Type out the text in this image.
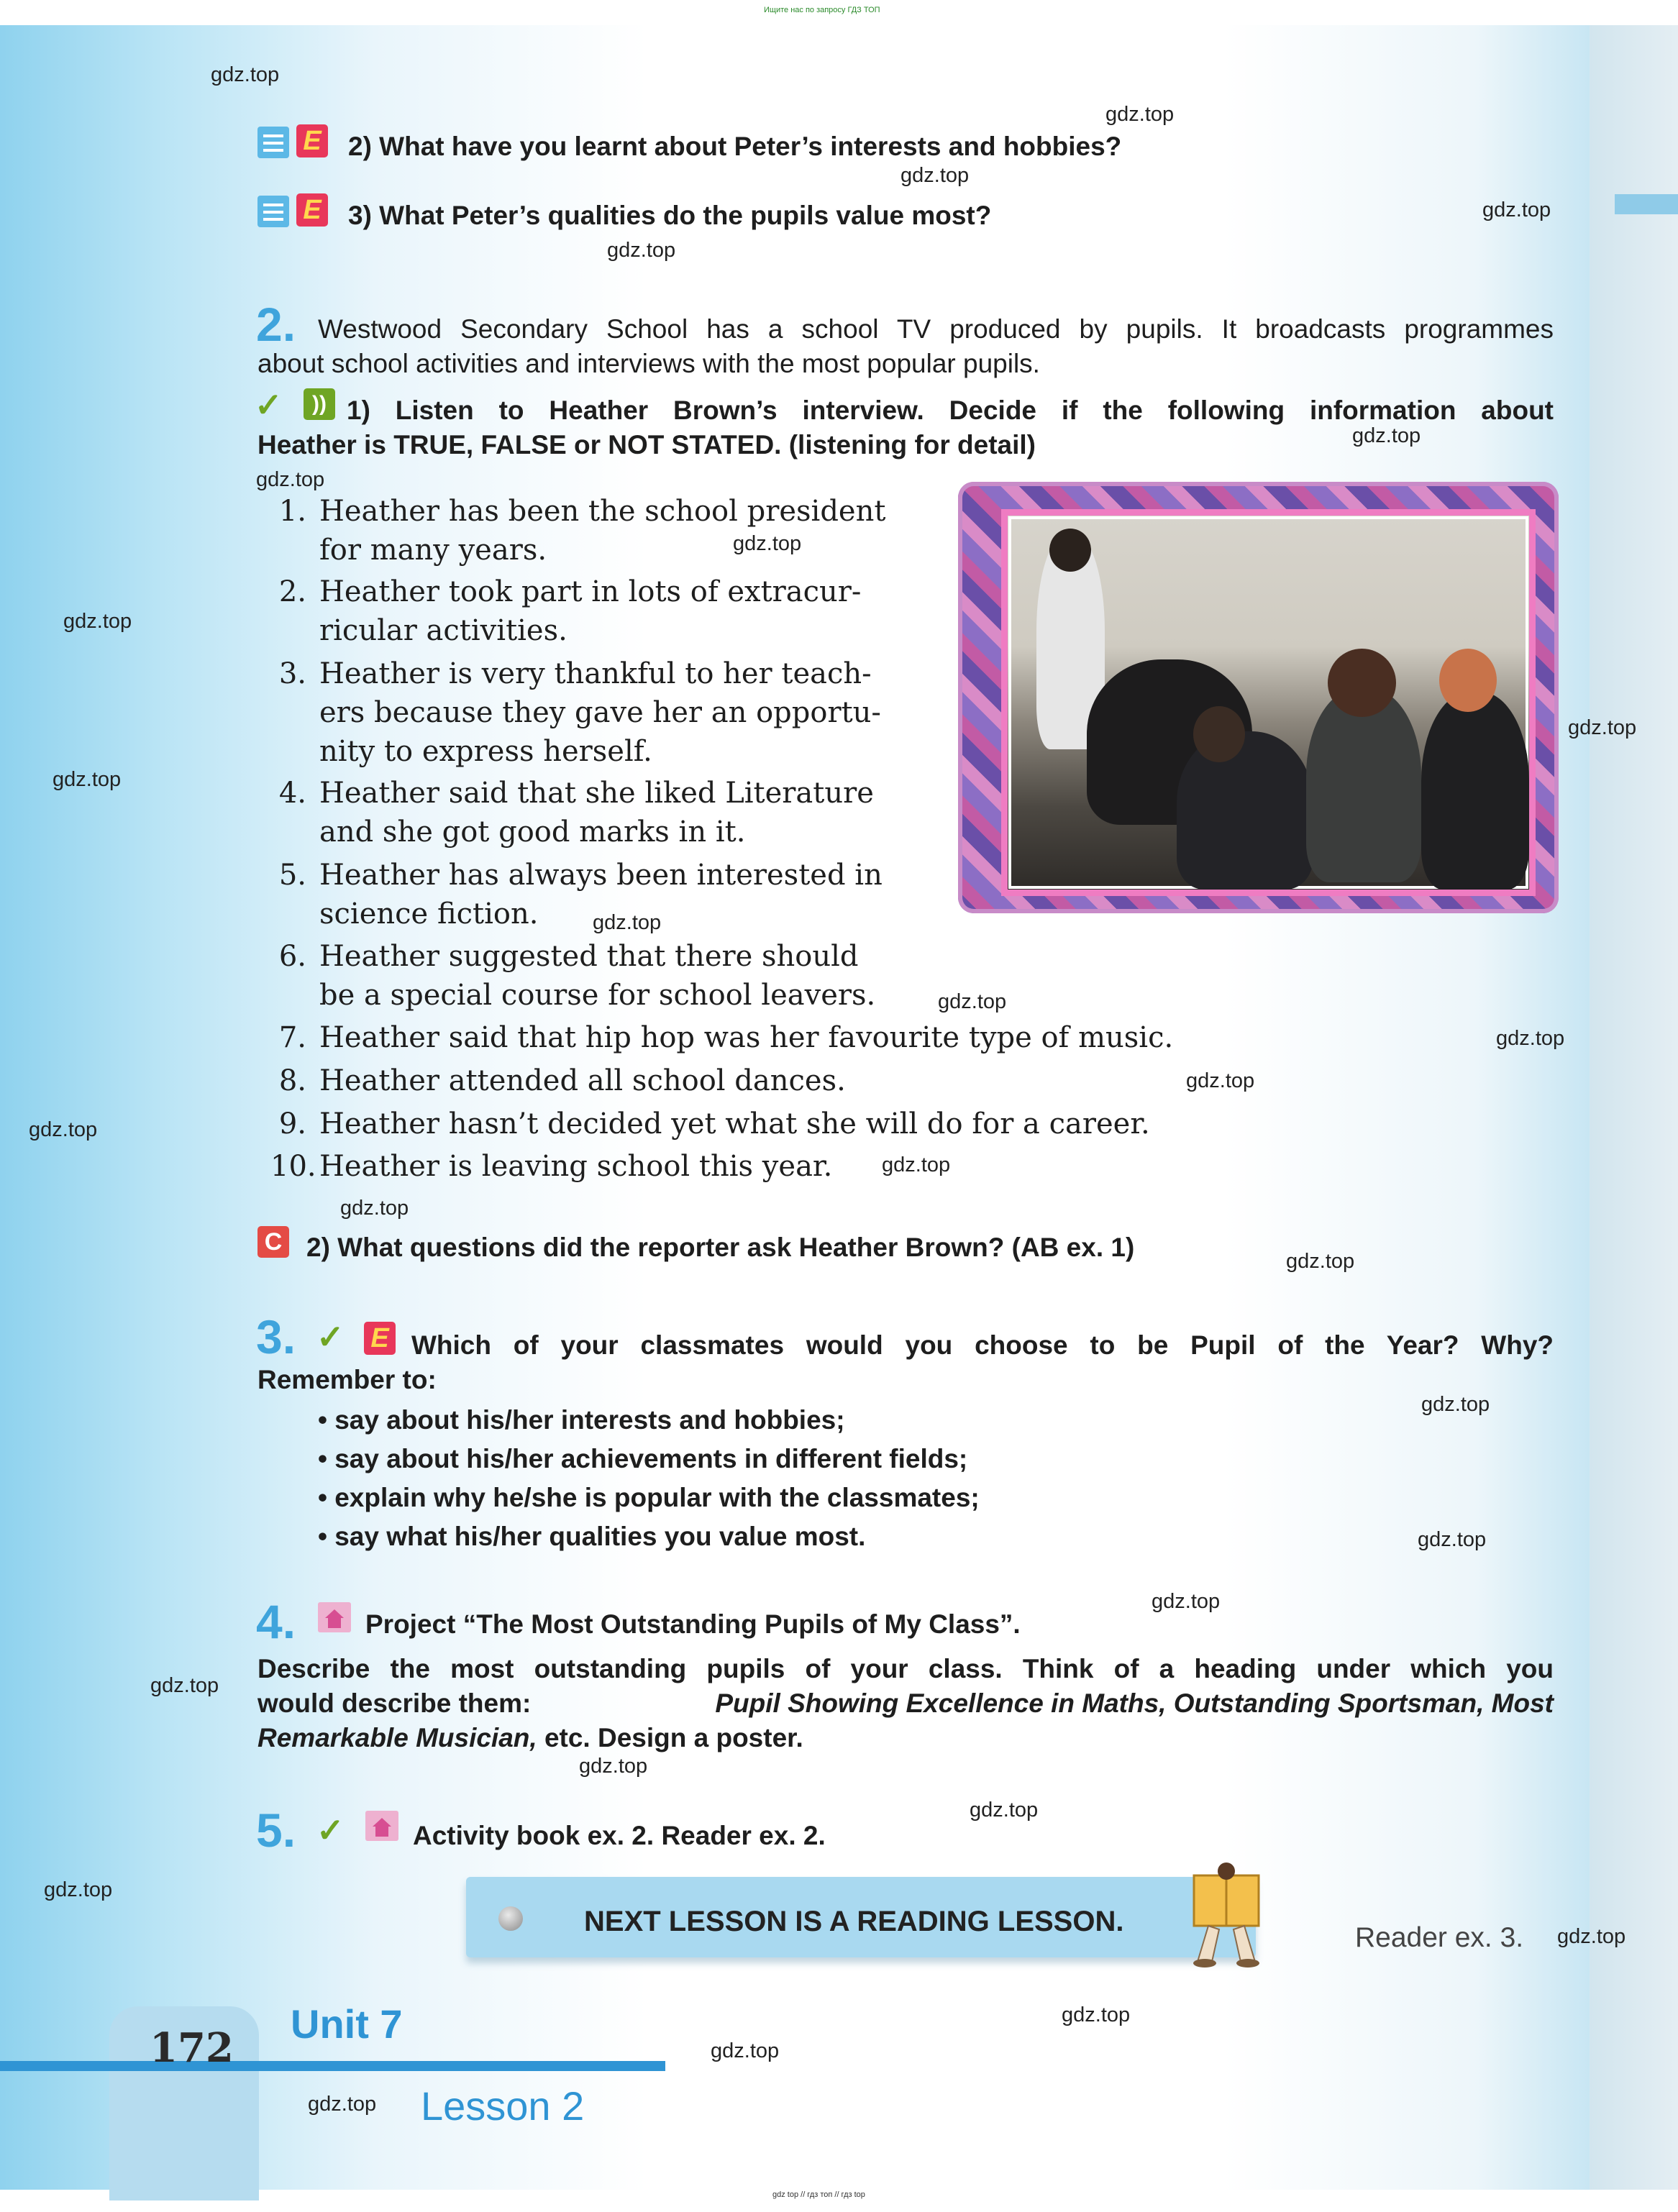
Ищите нас по запросу ГДЗ ТОП
E 2) What have you learnt about Peter’s interests and hobbies?
E 3) What Peter’s qualities do the pupils value most?
2. Westwood Secondary School has a school TV produced by pupils. It broadcasts programmes
about school activities and interviews with the most popular pupils.
✓	)) 1) Listen to Heather Brown’s interview. Decide if the following information about
Heather is TRUE, FALSE or NOT STATED. (listening for detail)
1. Heather has been the school president
for many years.
2. Heather took part in lots of extracur-
ricular activities.
3. Heather is very thankful to her teach-
ers because they gave her an opportu-
nity to express herself.
4. Heather said that she liked Literature
and she got good marks in it.
5. Heather has always been interested in
science fiction.
6. Heather suggested that there should
be a special course for school leavers.
7. Heather said that hip hop was her favourite type of music.
8. Heather attended all school dances.
9. Heather hasn’t decided yet what she will do for a career.
10. Heather is leaving school this year.
C 2) What questions did the reporter ask Heather Brown? (AB ex. 1)
3. ✓ E Which of your classmates would you choose to be Pupil of the Year? Why?
Remember to:
• say about his/her interests and hobbies;
• say about his/her achievements in different fields;
• explain why he/she is popular with the classmates;
• say what his/her qualities you value most.
4.	Project “The Most Outstanding Pupils of My Class”.
Describe the most outstanding pupils of your class. Think of a heading under which you
would describe them:	Pupil Showing Excellence in Maths, Outstanding Sportsman, Most
Remarkable Musician, etc. Design a poster.
5. ✓	Activity book ex. 2. Reader ex. 2.
NEXT LESSON IS A READING LESSON.
Reader ex. 3.
172
Unit 7
Lesson 2
gdz top // гдз топ // гдз top
gdz.top
gdz.top
gdz.top
gdz.top
gdz.top
gdz.top
gdz.top
gdz.top
gdz.top
gdz.top
gdz.top
gdz.top
gdz.top
gdz.top
gdz.top
gdz.top
gdz.top
gdz.top
gdz.top
gdz.top
gdz.top
gdz.top
gdz.top
gdz.top
gdz.top
gdz.top
gdz.top
gdz.top
gdz.top
gdz.top
